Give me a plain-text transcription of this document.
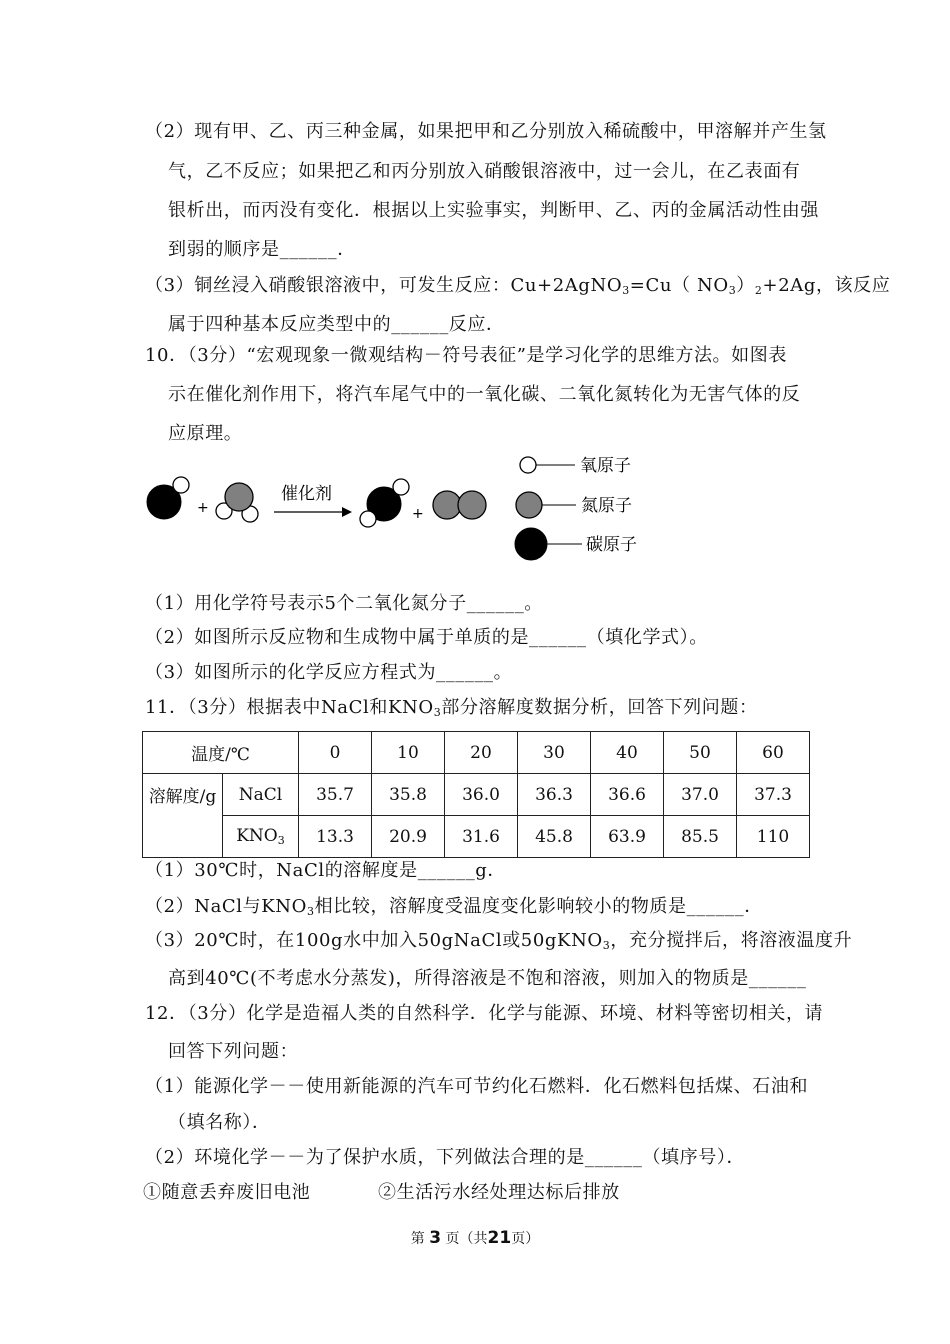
（2）现有甲、乙、丙三种金属，如果把甲和乙分别放入稀硫酸中，甲溶解并产生氢
气，乙不反应；如果把乙和丙分别放入硝酸银溶液中，过一会儿，在乙表面有
银析出，而丙没有变化．根据以上实验事实，判断甲、乙、丙的金属活动性由强
到弱的顺序是______．
（3）铜丝浸入硝酸银溶液中，可发生反应：Cu+2AgNO$_3$=Cu（ $NO_3)_2+2Ag$，该反应
属于四种基本反应类型中的______反应．
10．（3分）“宏观现象一微观结构－符号表征”是学习化学的思维方法。如图表
示在催化剂作用下，将汽车尾气中的一氧化碳、二氧化氮转化为无害气体的反
应原理。
+
催化剂
+
氧原子
氮原子
碳原子
（1）用化学符号表示5个二氧化氮分子______。
（2）如图所示反应物和生成物中属于单质的是______（填化学式）。
（3）如图所示的化学反应方程式为______。
11．（3分）根据表中NaCl和$KNO_3$部分溶解度数据分析，回答下列问题：
温度/℃		0	10	20	30	40	50	60
溶解度/g	NaCl	35.7	35.8	36.0	36.3	36.6	37.0	37.3
	$KNO_3$	13.3	20.9	31.6	45.8	63.9	85.5	110
（1）30℃时，NaCl的溶解度是______g．
（2）NaCl与$KNO_3$相比较，溶解度受温度变化影响较小的物质是______．
（3）20℃时，在100g水中加入50gNaCl或50gKNO$_3$，充分搅拌后，将溶液温度升
高到40℃(不考虑水分蒸发)，所得溶液是不饱和溶液，则加入的物质是______
12．（3分）化学是造福人类的自然科学．化学与能源、环境、材料等密切相关，请
回答下列问题：
（1）能源化学－－使用新能源的汽车可节约化石燃料．化石燃料包括煤、石油和
（填名称）．
（2）环境化学－－为了保护水质，下列做法合理的是______（填序号）．
①随意丢弃废旧电池	②生活污水经处理达标后排放
第 3 页（共21页）
